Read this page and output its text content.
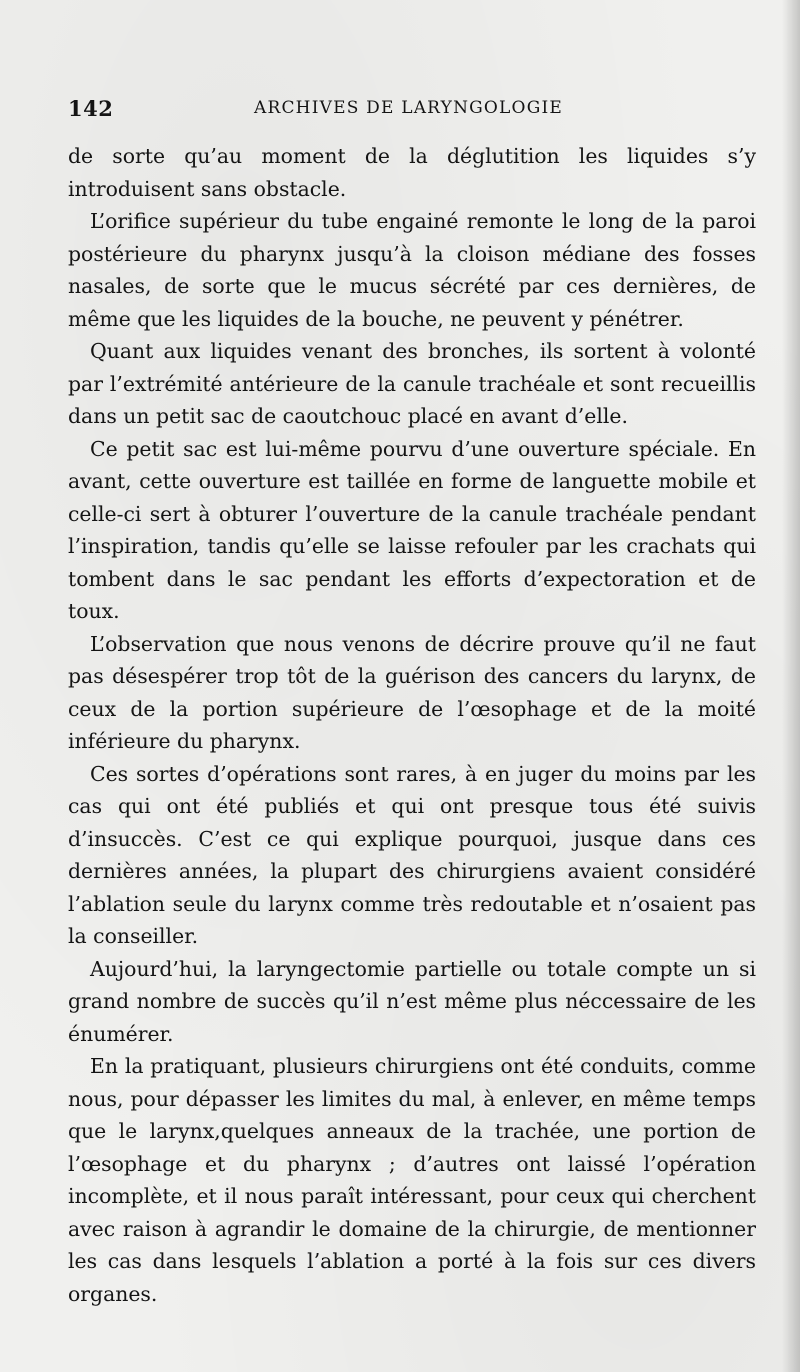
142	ARCHIVES DE LARYNGOLOGIE

de sorte qu’au moment de la déglutition les liquides s’y introduisent sans obstacle.

L’orifice supérieur du tube engainé remonte le long de la paroi postérieure du pharynx jusqu’à la cloison médiane des fosses nasales, de sorte que le mucus sécrété par ces dernières, de même que les liquides de la bouche, ne peuvent y pénétrer.

Quant aux liquides venant des bronches, ils sortent à volonté par l’extrémité antérieure de la canule trachéale et sont recueillis dans un petit sac de caoutchouc placé en avant d’elle.

Ce petit sac est lui-même pourvu d’une ouverture spéciale. En avant, cette ouverture est taillée en forme de languette mobile et celle-ci sert à obturer l’ouverture de la canule trachéale pendant l’inspiration, tandis qu’elle se laisse refouler par les crachats qui tombent dans le sac pendant les efforts d’expectoration et de toux.

L’observation que nous venons de décrire prouve qu’il ne faut pas désespérer trop tôt de la guérison des cancers du larynx, de ceux de la portion supérieure de l’œsophage et de la moité inférieure du pharynx.

Ces sortes d’opérations sont rares, à en juger du moins par les cas qui ont été publiés et qui ont presque tous été suivis d’insuccès. C’est ce qui explique pourquoi, jusque dans ces dernières années, la plupart des chirurgiens avaient considéré l’ablation seule du larynx comme très redoutable et n’osaient pas la conseiller.

Aujourd’hui, la laryngectomie partielle ou totale compte un si grand nombre de succès qu’il n’est même plus néccessaire de les énumérer.

En la pratiquant, plusieurs chirurgiens ont été conduits, comme nous, pour dépasser les limites du mal, à enlever, en même temps que le larynx,quelques anneaux de la trachée, une portion de l’œsophage et du pharynx ; d’autres ont laissé l’opération incomplète, et il nous paraît intéressant, pour ceux qui cherchent avec raison à agrandir le domaine de la chirurgie, de mentionner les cas dans lesquels l’ablation a porté à la fois sur ces divers organes.
